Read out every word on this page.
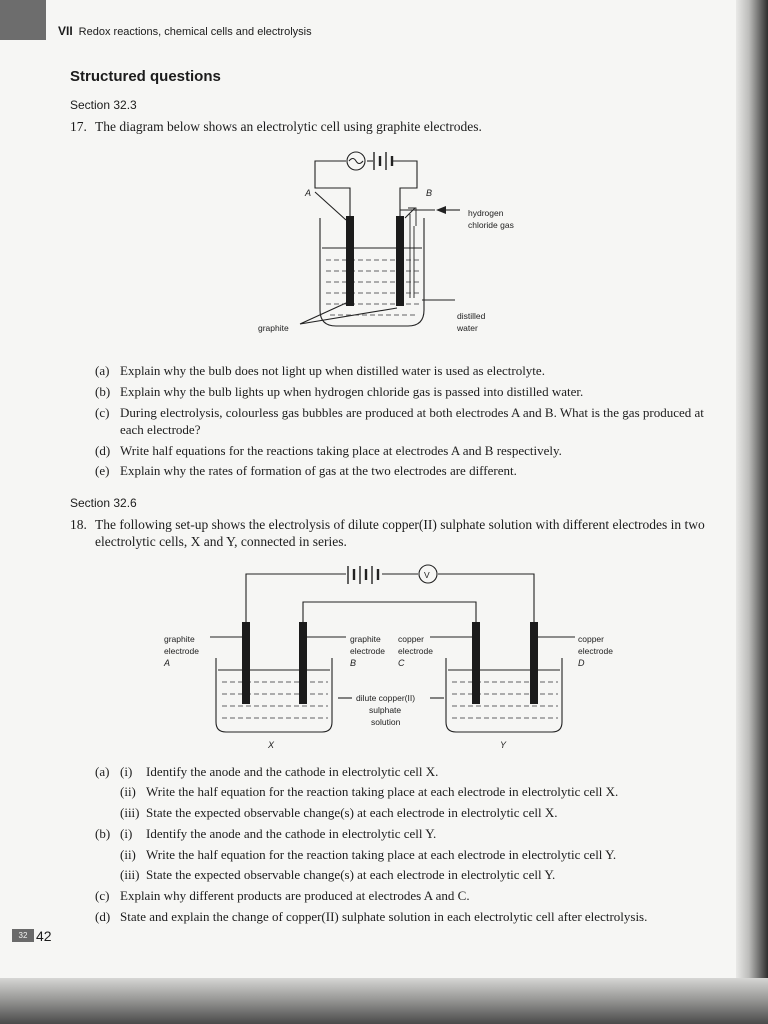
VII Redox reactions, chemical cells and electrolysis
Structured questions
Section 32.3
17. The diagram below shows an electrolytic cell using graphite electrodes.
A	B
hydrogen
chloride gas
distilled
water
graphite
(a) Explain why the bulb does not light up when distilled water is used as electrolyte.
(b) Explain why the bulb lights up when hydrogen chloride gas is passed into distilled water.
(c) During electrolysis, colourless gas bubbles are produced at both electrodes A and B. What is the gas produced at each electrode?
(d) Write half equations for the reactions taking place at electrodes A and B respectively.
(e) Explain why the rates of formation of gas at the two electrodes are different.
Section 32.6
18. The following set-up shows the electrolysis of dilute copper(II) sulphate solution with different electrodes in two electrolytic cells, X and Y, connected in series.
V
graphite
electrode
A
graphite
electrode
B
copper
electrode
C
copper
electrode
D
dilute copper(II)
sulphate
solution
X	Y
(a) (i) Identify the anode and the cathode in electrolytic cell X.
(ii) Write the half equation for the reaction taking place at each electrode in electrolytic cell X.
(iii) State the expected observable change(s) at each electrode in electrolytic cell X.
(b) (i) Identify the anode and the cathode in electrolytic cell Y.
(ii) Write the half equation for the reaction taking place at each electrode in electrolytic cell Y.
(iii) State the expected observable change(s) at each electrode in electrolytic cell Y.
(c) Explain why different products are produced at electrodes A and C.
(d) State and explain the change of copper(II) sulphate solution in each electrolytic cell after electrolysis.
32 42
